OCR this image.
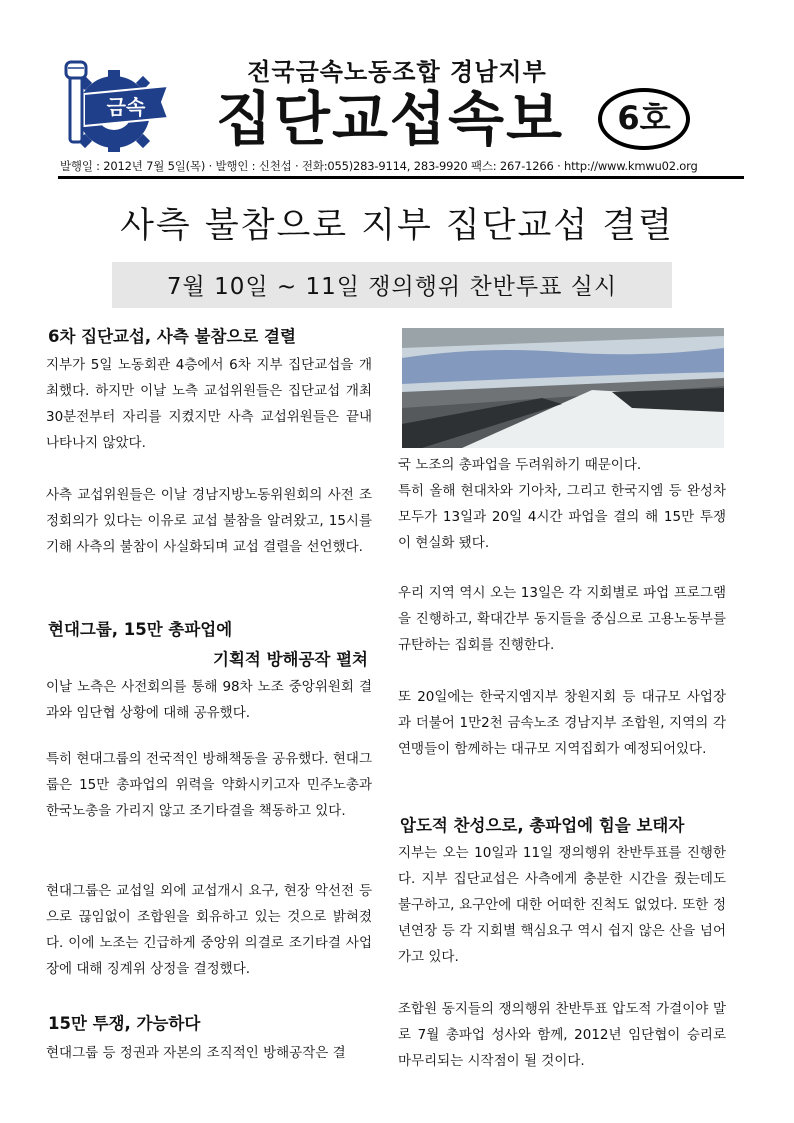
금속
전국금속노동조합 경남지부
집단교섭속보	6호
발행일 : 2012년 7월 5일(목) · 발행인 : 신천섭 · 전화:055)283-9114, 283-9920 팩스: 267-1266 · http://www.kmwu02.org
사측 불참으로 지부 집단교섭 결렬
7월 10일 ~ 11일 쟁의행위 찬반투표 실시
6차 집단교섭, 사측 불참으로 결렬
지부가 5일 노동회관 4층에서 6차 지부 집단교섭을 개최했다. 하지만 이날 노측 교섭위원들은 집단교섭 개최 30분전부터 자리를 지켰지만 사측 교섭위원들은 끝내 나타나지 않았다.
사측 교섭위원들은 이날 경남지방노동위원회의 사전 조정회의가 있다는 이유로 교섭 불참을 알려왔고, 15시를 기해 사측의 불참이 사실화되며 교섭 결렬을 선언했다.
현대그룹, 15만 총파업에
기획적 방해공작 펼쳐
이날 노측은 사전회의를 통해 98차 노조 중앙위원회 결과와 임단협 상황에 대해 공유했다.
특히 현대그룹의 전국적인 방해책동을 공유했다. 현대그룹은 15만 총파업의 위력을 약화시키고자 민주노총과 한국노총을 가리지 않고 조기타결을 책동하고 있다.
현대그룹은 교섭일 외에 교섭개시 요구, 현장 악선전 등으로 끊임없이 조합원을 회유하고 있는 것으로 밝혀졌다. 이에 노조는 긴급하게 중앙위 의결로 조기타결 사업장에 대해 징계위 상정을 결정했다.
15만 투쟁, 가능하다
현대그룹 등 정권과 자본의 조직적인 방해공작은 결
국 노조의 총파업을 두려워하기 때문이다.
특히 올해 현대차와 기아차, 그리고 한국지엠 등 완성차 모두가 13일과 20일 4시간 파업을 결의 해 15만 투쟁이 현실화 됐다.
우리 지역 역시 오는 13일은 각 지회별로 파업 프로그램을 진행하고, 확대간부 동지들을 중심으로 고용노동부를 규탄하는 집회를 진행한다.
또 20일에는 한국지엠지부 창원지회 등 대규모 사업장과 더불어 1만2천 금속노조 경남지부 조합원, 지역의 각 연맹들이 함께하는 대규모 지역집회가 예정되어있다.
압도적 찬성으로, 총파업에 힘을 보태자
지부는 오는 10일과 11일 쟁의행위 찬반투표를 진행한다. 지부 집단교섭은 사측에게 충분한 시간을 줬는데도 불구하고, 요구안에 대한 어떠한 진척도 없었다. 또한 정년연장 등 각 지회별 핵심요구 역시 쉽지 않은 산을 넘어가고 있다.
조합원 동지들의 쟁의행위 찬반투표 압도적 가결이야 말로 7월 총파업 성사와 함께, 2012년 임단협이 승리로 마무리되는 시작점이 될 것이다.
